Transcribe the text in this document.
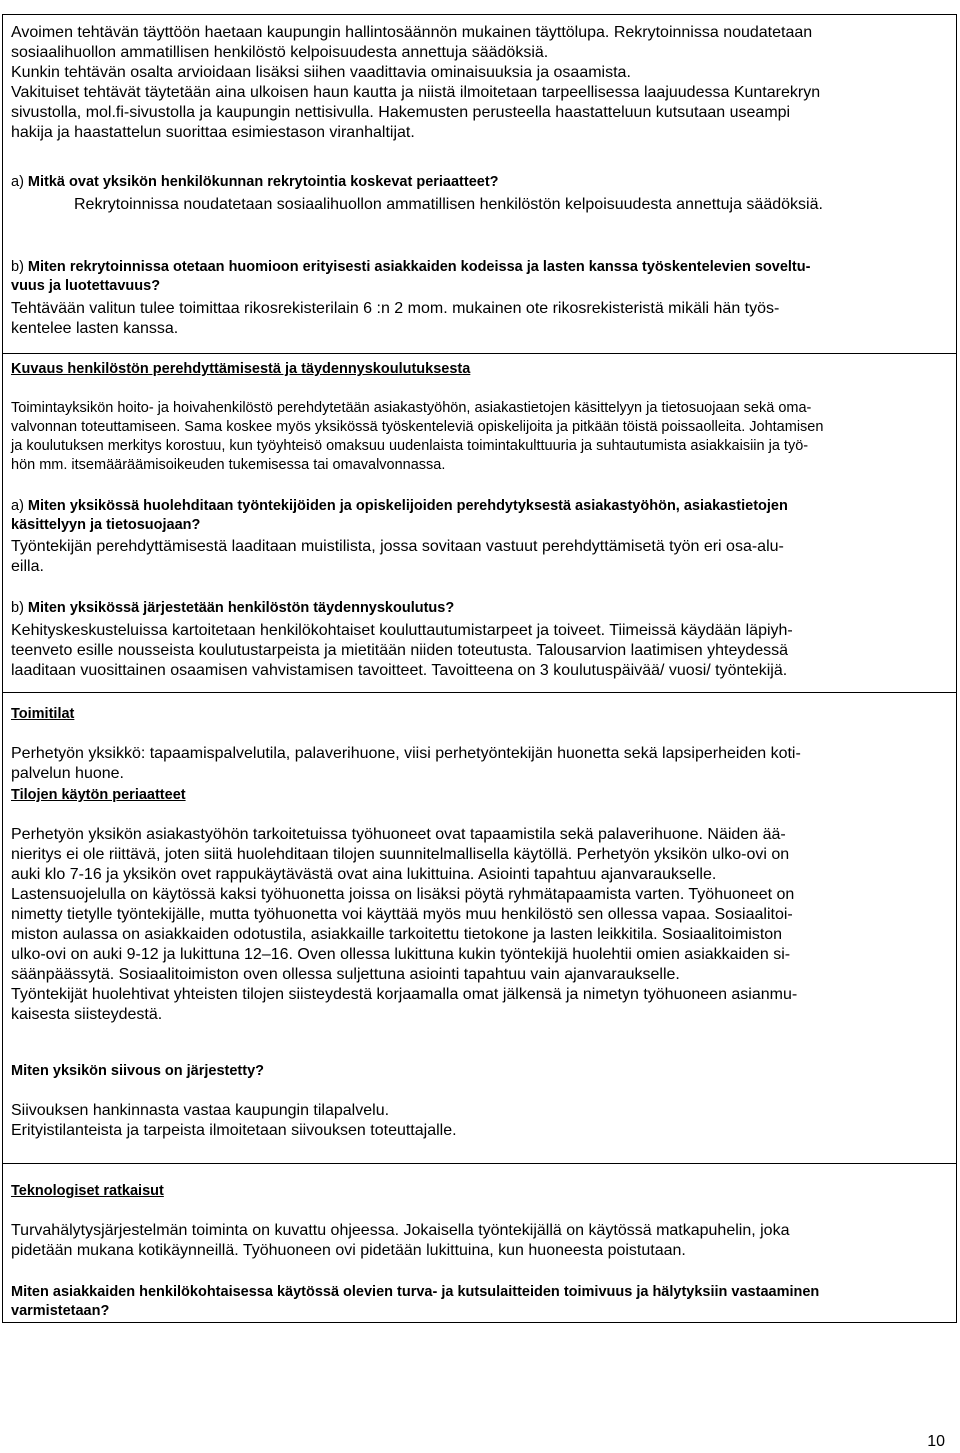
Avoimen tehtävän täyttöön haetaan kaupungin hallintosäännön mukainen täyttölupa. Rekrytoinnissa noudatetaan
sosiaalihuollon ammatillisen henkilöstö kelpoisuudesta annettuja säädöksiä.
Kunkin tehtävän osalta arvioidaan lisäksi siihen vaadittavia ominaisuuksia ja osaamista.
Vakituiset tehtävät täytetään aina ulkoisen haun kautta ja niistä ilmoitetaan tarpeellisessa laajuudessa Kuntarekryn
sivustolla, mol.fi-sivustolla ja kaupungin nettisivulla. Hakemusten perusteella haastatteluun kutsutaan useampi
hakija ja haastattelun suorittaa esimiestason viranhaltijat.
a) Mitkä ovat yksikön henkilökunnan rekrytointia koskevat periaatteet?
Rekrytoinnissa noudatetaan sosiaalihuollon ammatillisen henkilöstön kelpoisuudesta annettuja säädöksiä.
b) Miten rekrytoinnissa otetaan huomioon erityisesti asiakkaiden kodeissa ja lasten kanssa työskentelevien soveltu-
vuus ja luotettavuus?
Tehtävään valitun tulee toimittaa rikosrekisterilain 6 :n 2 mom. mukainen ote rikosrekisteristä mikäli hän työs-
kentelee lasten kanssa.
Kuvaus henkilöstön perehdyttämisestä ja täydennyskoulutuksesta
Toimintayksikön hoito- ja hoivahenkilöstö perehdytetään asiakastyöhön, asiakastietojen käsittelyyn ja tietosuojaan sekä oma-
valvonnan toteuttamiseen. Sama koskee myös yksikössä työskenteleviä opiskelijoita ja pitkään töistä poissaolleita. Johtamisen
ja koulutuksen merkitys korostuu, kun työyhteisö omaksuu uudenlaista toimintakulttuuria ja suhtautumista asiakkaisiin ja työ-
hön mm. itsemääräämisoikeuden tukemisessa tai omavalvonnassa.
a) Miten yksikössä huolehditaan työntekijöiden ja opiskelijoiden perehdytyksestä asiakastyöhön, asiakastietojen
käsittelyyn ja tietosuojaan?
Työntekijän perehdyttämisestä laaditaan muistilista, jossa sovitaan vastuut perehdyttämisetä työn eri osa-alu-
eilla.
b) Miten yksikössä järjestetään henkilöstön täydennyskoulutus?
Kehityskeskusteluissa kartoitetaan henkilökohtaiset kouluttautumistarpeet ja toiveet. Tiimeissä käydään läpiyh-
teenveto esille nousseista koulutustarpeista ja mietitään niiden toteutusta. Talousarvion laatimisen yhteydessä
laaditaan vuosittainen osaamisen vahvistamisen tavoitteet. Tavoitteena on 3 koulutuspäivää/ vuosi/ työntekijä.
Toimitilat
Perhetyön yksikkö: tapaamispalvelutila, palaverihuone, viisi perhetyöntekijän huonetta sekä lapsiperheiden koti-
palvelun huone.
Tilojen käytön periaatteet
Perhetyön yksikön asiakastyöhön tarkoitetuissa työhuoneet ovat tapaamistila sekä palaverihuone. Näiden ää-
nieritys ei ole riittävä, joten siitä huolehditaan tilojen suunnitelmallisella käytöllä. Perhetyön yksikön ulko-ovi on
auki klo 7-16 ja yksikön ovet rappukäytävästä ovat aina lukittuina. Asiointi tapahtuu ajanvaraukselle.
Lastensuojelulla on käytössä kaksi työhuonetta joissa on lisäksi pöytä ryhmätapaamista varten. Työhuoneet on
nimetty tietylle työntekijälle, mutta työhuonetta voi käyttää myös muu henkilöstö sen ollessa vapaa. Sosiaalitoi-
miston aulassa on asiakkaiden odotustila, asiakkaille tarkoitettu tietokone ja lasten leikkitila. Sosiaalitoimiston
ulko-ovi on auki 9-12 ja lukittuna 12–16. Oven ollessa lukittuna kukin työntekijä huolehtii omien asiakkaiden si-
säänpäässytä. Sosiaalitoimiston oven ollessa suljettuna asiointi tapahtuu vain ajanvaraukselle.
Työntekijät huolehtivat yhteisten tilojen siisteydestä korjaamalla omat jälkensä ja nimetyn työhuoneen asianmu-
kaisesta siisteydestä.
Miten yksikön siivous on järjestetty?
Siivouksen hankinnasta vastaa kaupungin tilapalvelu.
Erityistilanteista ja tarpeista ilmoitetaan siivouksen toteuttajalle.
Teknologiset ratkaisut
Turvahälytysjärjestelmän toiminta on kuvattu ohjeessa. Jokaisella työntekijällä on käytössä matkapuhelin, joka
pidetään mukana kotikäynneillä. Työhuoneen ovi pidetään lukittuina, kun huoneesta poistutaan.
Miten asiakkaiden henkilökohtaisessa käytössä olevien turva- ja kutsulaitteiden toimivuus ja hälytyksiin vastaaminen
varmistetaan?
10
